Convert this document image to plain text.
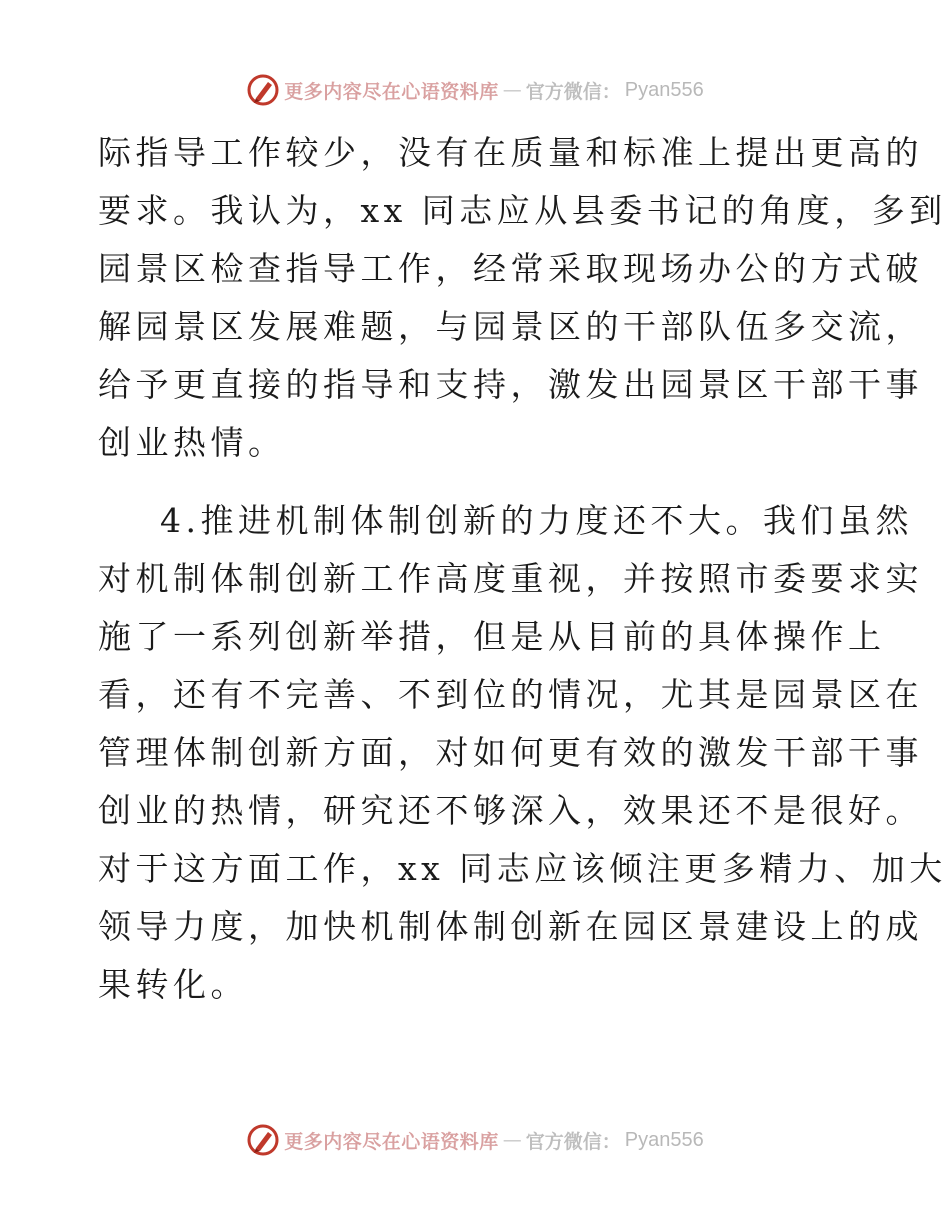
更多内容尽在心语资料库 — 官方微信： Pyan556
际指导工作较少，没有在质量和标准上提出更高的
要求。我认为，xx 同志应从县委书记的角度，多到
园景区检查指导工作，经常采取现场办公的方式破
解园景区发展难题，与园景区的干部队伍多交流，
给予更直接的指导和支持，激发出园景区干部干事
创业热情。
4.推进机制体制创新的力度还不大。我们虽然
对机制体制创新工作高度重视，并按照市委要求实
施了一系列创新举措，但是从目前的具体操作上
看，还有不完善、不到位的情况，尤其是园景区在
管理体制创新方面，对如何更有效的激发干部干事
创业的热情，研究还不够深入，效果还不是很好。
对于这方面工作，xx 同志应该倾注更多精力、加大
领导力度，加快机制体制创新在园区景建设上的成
果转化。
更多内容尽在心语资料库 — 官方微信： Pyan556
